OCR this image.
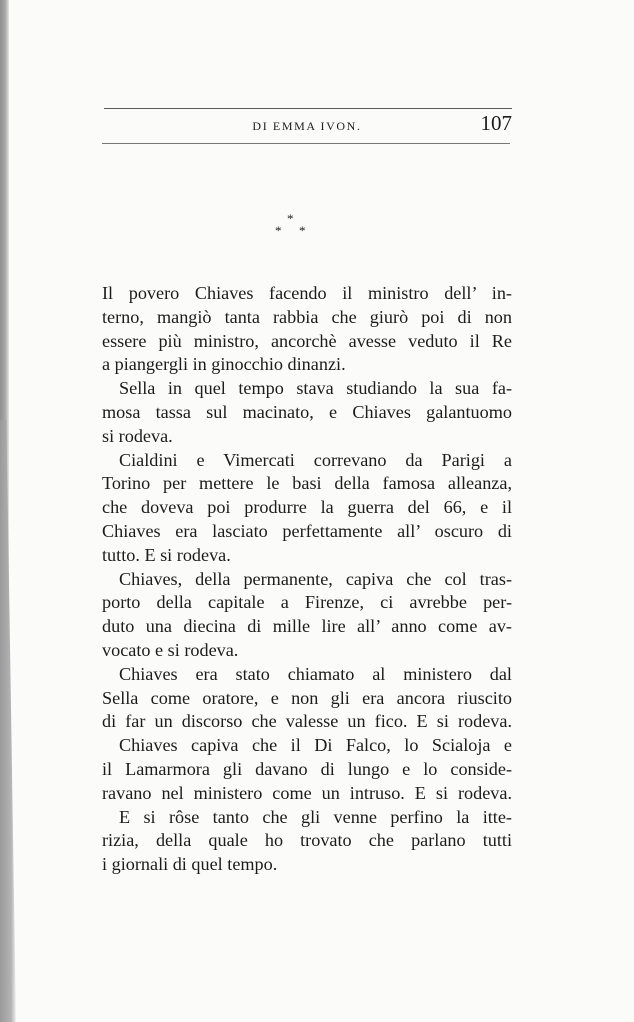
DI EMMA IVON.	107
*
* *
Il povero Chiaves facendo il ministro dell’ in-
terno, mangiò tanta rabbia che giurò poi di non
essere più ministro, ancorchè avesse veduto il Re
a piangergli in ginocchio dinanzi.
Sella in quel tempo stava studiando la sua fa-
mosa tassa sul macinato, e Chiaves galantuomo
si rodeva.
Cialdini e Vimercati correvano da Parigi a
Torino per mettere le basi della famosa alleanza,
che doveva poi produrre la guerra del 66, e il
Chiaves era lasciato perfettamente all’ oscuro di
tutto. E si rodeva.
Chiaves, della permanente, capiva che col tras-
porto della capitale a Firenze, ci avrebbe per-
duto una diecina di mille lire all’ anno come av-
vocato e si rodeva.
Chiaves era stato chiamato al ministero dal
Sella come oratore, e non gli era ancora riuscito
di far un discorso che valesse un fico. E si rodeva.
Chiaves capiva che il Di Falco, lo Scialoja e
il Lamarmora gli davano di lungo e lo conside-
ravano nel ministero come un intruso. E si rodeva.
E si rôse tanto che gli venne perfino la itte-
rizia, della quale ho trovato che parlano tutti
i giornali di quel tempo.
